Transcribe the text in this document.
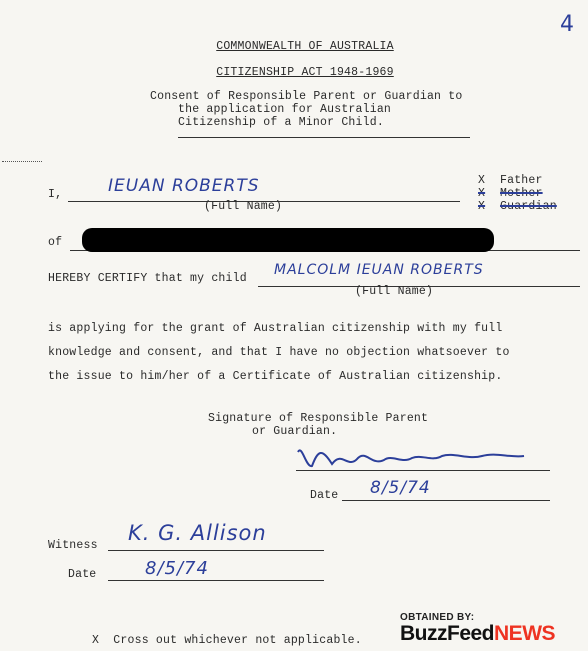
4
COMMONWEALTH OF AUSTRALIA
CITIZENSHIP ACT 1948-1969
Consent of Responsible Parent or Guardian to
the application for Australian
Citizenship of a Minor Child.
I,	IEUAN ROBERTS
(Full Name)
X Father
X Mother
X Guardian
of
HEREBY CERTIFY that my child
MALCOLM IEUAN ROBERTS
(Full Name)
is applying for the grant of Australian citizenship with my full
knowledge and consent, and that I have no objection whatsoever to
the issue to him/her of a Certificate of Australian citizenship.
Signature of Responsible Parent
or Guardian.
Date 8/5/74
Witness
K. G. Allison
Date	8/5/74
X  Cross out whichever not applicable.
OBTAINED BY:
BuzzFeedNEWS
